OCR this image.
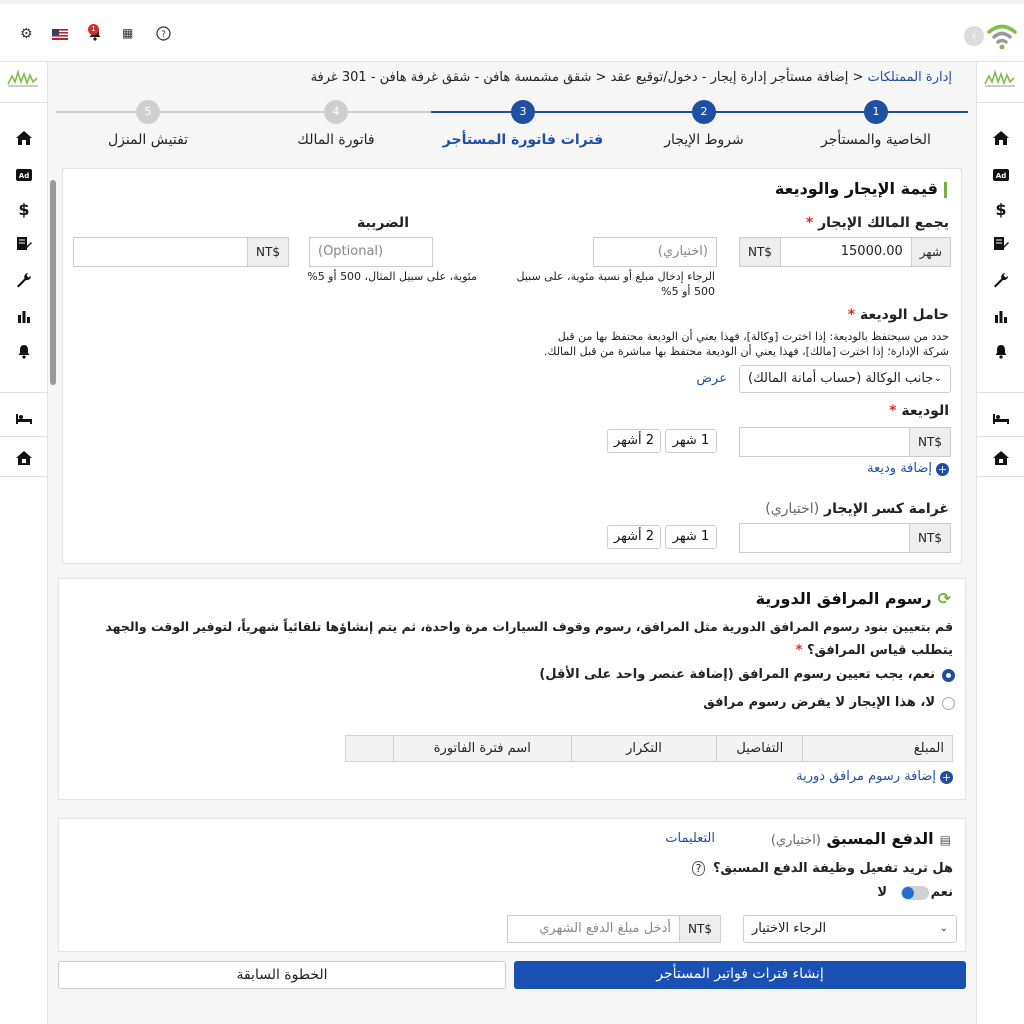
⚙	1 ▦	?	‹
Ad
$
Ad
$
إدارة الممتلكات < إضافة مستأجر إدارة إيجار - دخول/توقيع عقد < شقق مشمسة هافن - شقق غرفة هافن - 301 غرفة
5
تفتيش المنزل
4
فاتورة المالك
3
فترات فاتورة المستأجر
2
شروط الإيجار
1
الخاصية والمستأجر
قيمة الإيجار والوديعة
يجمع المالك الإيجار *
NT$	15000.00	شهر
(اختياري)
الرجاء إدخال مبلغ أو نسبة مئوية، على سبيل 500 أو 5%
الضريبة
(Optional)
مئوية، على سبيل المثال، 500 أو 5%
NT$
حامل الوديعة *
حدد من سيحتفظ بالوديعة: إذا اخترت [وكالة]، فهذا يعني أن الوديعة محتفظ بها من قبل
شركة الإدارة؛ إذا اخترت [مالك]، فهذا يعني أن الوديعة محتفظ بها مباشرة من قبل المالك.
⌄
جانب الوكالة (حساب أمانة المالك)
عرض
الوديعة *
NT$
1 شهر
2 أشهر
+إضافة وديعة
غرامة كسر الإيجار (اختياري)
NT$
1 شهر
2 أشهر
⟳رسوم المرافق الدورية
قم بتعيين بنود رسوم المرافق الدورية مثل المرافق، رسوم وقوف السيارات مرة واحدة، ثم يتم إنشاؤها تلقائياً شهرياً، لتوفير الوقت والجهد
يتطلب قياس المرافق؟ *
نعم، يجب تعيين رسوم المرافق (إضافة عنصر واحد على الأقل)
لا، هذا الإيجار لا يفرض رسوم مرافق
المبلغ	التفاصيل	التكرار	اسم فترة الفاتورة	
+إضافة رسوم مرافق دورية
▤الدفع المسبق (اختياري)
التعليمات
هل تريد تفعيل وظيفة الدفع المسبق؟ ?
نعم
لا
⌄
الرجاء الاختيار
أدخل مبلغ الدفع الشهري	NT$
إنشاء فترات فواتير المستأجر
الخطوة السابقة
